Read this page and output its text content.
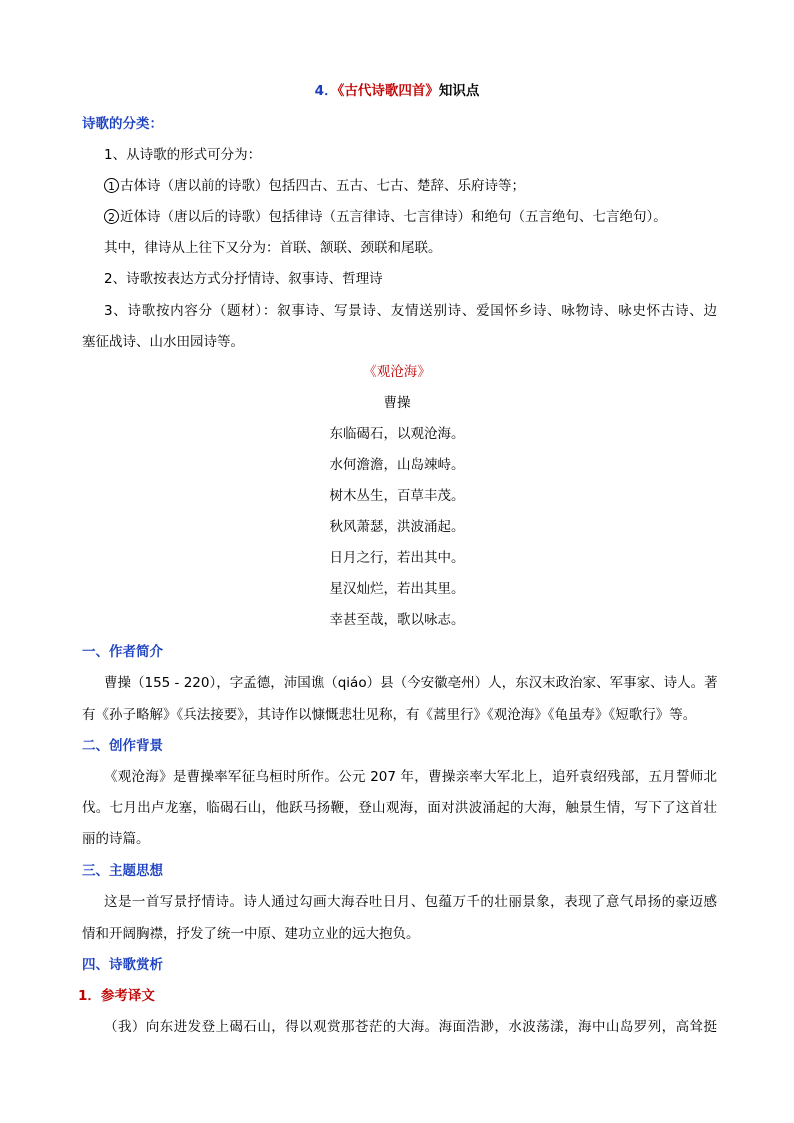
4．《古代诗歌四首》知识点
诗歌的分类：
1、从诗歌的形式可分为：
1 古体诗（唐以前的诗歌）包括四古、五古、七古、楚辞、乐府诗等；
2 近体诗（唐以后的诗歌）包括律诗（五言律诗、七言律诗）和绝句（五言绝句、七言绝句）。
其中，律诗从上往下又分为：首联、颔联、颈联和尾联。
2、诗歌按表达方式分抒情诗、叙事诗、哲理诗
3、诗歌按内容分（题材）：叙事诗、写景诗、友情送别诗、爱国怀乡诗、咏物诗、咏史怀古诗、边
塞征战诗、山水田园诗等。
《观沧海》
曹操
东临碣石，以观沧海。
水何澹澹，山岛竦峙。
树木丛生，百草丰茂。
秋风萧瑟，洪波涌起。
日月之行，若出其中。
星汉灿烂，若出其里。
幸甚至哉，歌以咏志。
一、作者简介
曹操（155 - 220），字孟德，沛国谯（qiáo）县（今安徽亳州）人，东汉末政治家、军事家、诗人。著
有《孙子略解》《兵法接要》，其诗作以慷慨悲壮见称，有《蒿里行》《观沧海》《龟虽寿》《短歌行》等。
二、创作背景
《观沧海》是曹操率军征乌桓时所作。公元 207 年，曹操亲率大军北上，追歼袁绍残部，五月誓师北
伐。七月出卢龙塞，临碣石山，他跃马扬鞭，登山观海，面对洪波涌起的大海，触景生情，写下了这首壮
丽的诗篇。
三、主题思想
这是一首写景抒情诗。诗人通过勾画大海吞吐日月、包蕴万千的壮丽景象，表现了意气昂扬的豪迈感
情和开阔胸襟，抒发了统一中原、建功立业的远大抱负。
四、诗歌赏析
1．参考译文
（我）向东进发登上碣石山，得以观赏那苍茫的大海。海面浩渺，水波荡漾，海中山岛罗列，高耸挺
